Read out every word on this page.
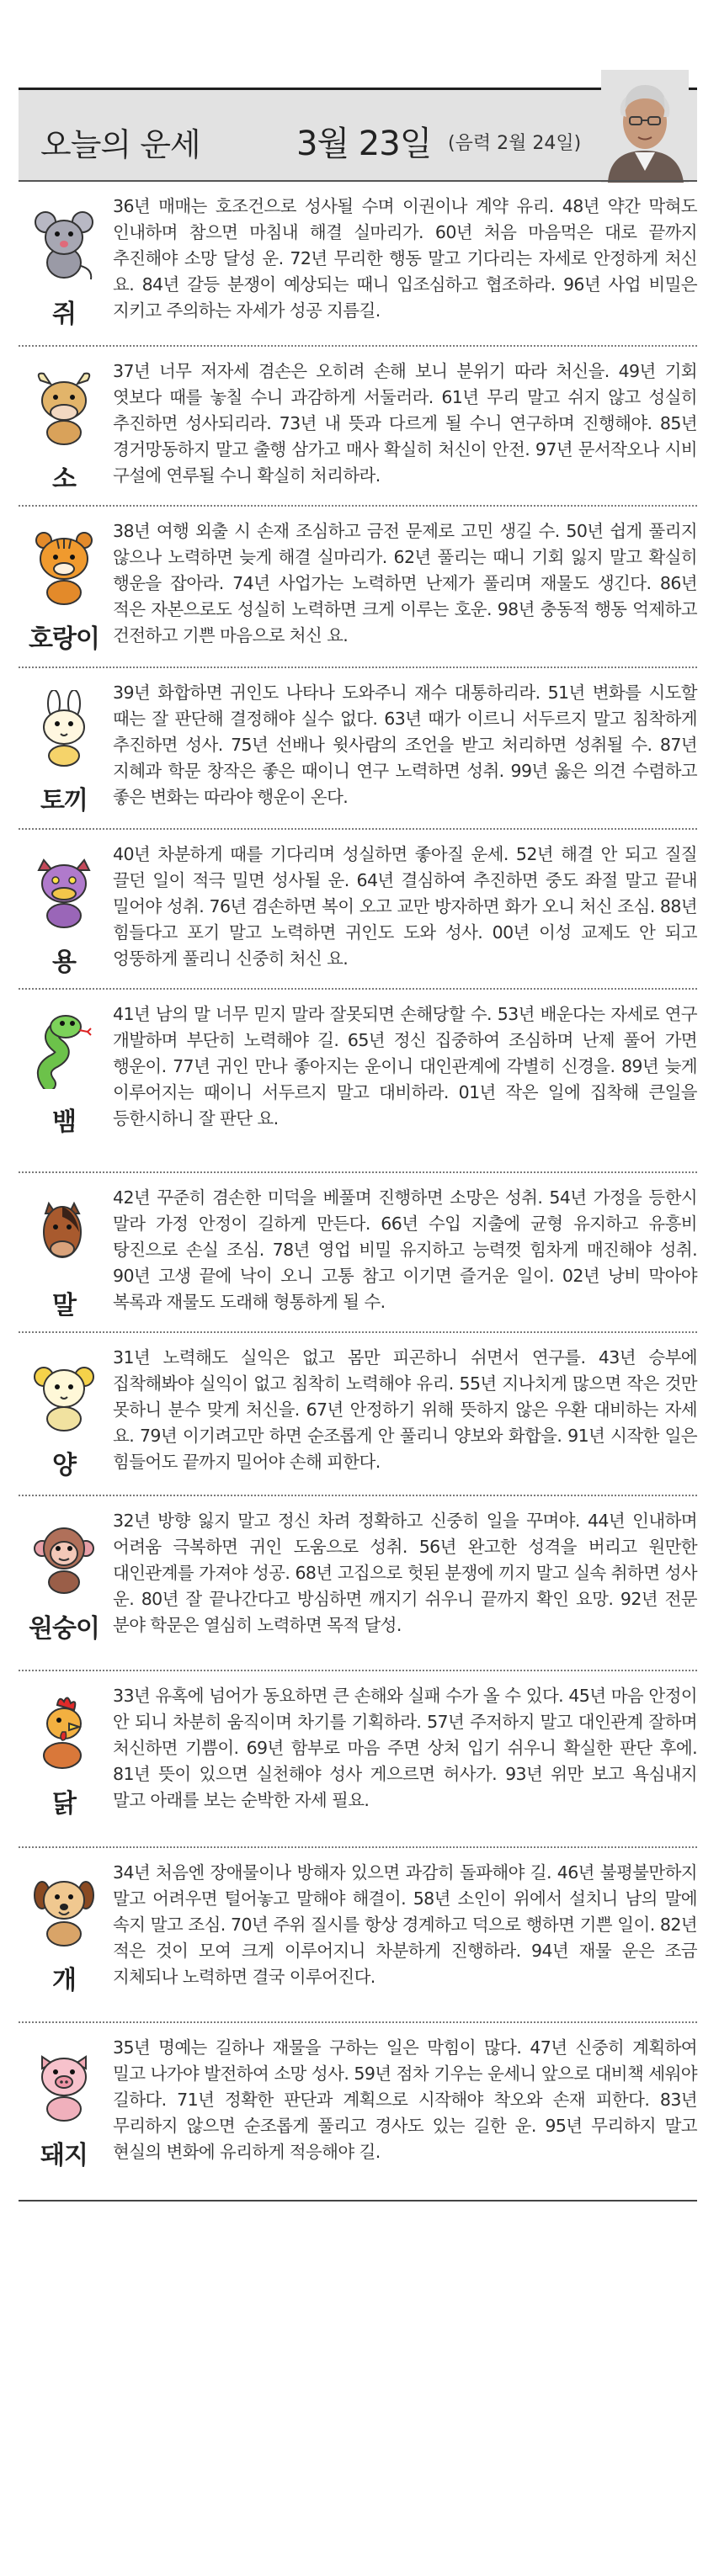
오늘의 운세	3월 23일 (음력 2월 24일)
쥐
36년 매매는 호조건으로 성사될 수며 이권이나 계약 유리. 48년 약간 막혀도 인내하며 참으면 마침내 해결 실마리가. 60년 처음 마음먹은 대로 끝까지 추진해야 소망 달성 운. 72년 무리한 행동 말고 기다리는 자세로 안정하게 처신 요. 84년 갈등 분쟁이 예상되는 때니 입조심하고 협조하라. 96년 사업 비밀은 지키고 주의하는 자세가 성공 지름길.
소
37년 너무 저자세 겸손은 오히려 손해 보니 분위기 따라 처신을. 49년 기회 엿보다 때를 놓칠 수니 과감하게 서둘러라. 61년 무리 말고 쉬지 않고 성실히 추진하면 성사되리라. 73년 내 뜻과 다르게 될 수니 연구하며 진행해야. 85년 경거망동하지 말고 출행 삼가고 매사 확실히 처신이 안전. 97년 문서작오나 시비 구설에 연루될 수니 확실히 처리하라.
호랑이
38년 여행 외출 시 손재 조심하고 금전 문제로 고민 생길 수. 50년 쉽게 풀리지 않으나 노력하면 늦게 해결 실마리가. 62년 풀리는 때니 기회 잃지 말고 확실히 행운을 잡아라. 74년 사업가는 노력하면 난제가 풀리며 재물도 생긴다. 86년 적은 자본으로도 성실히 노력하면 크게 이루는 호운. 98년 충동적 행동 억제하고 건전하고 기쁜 마음으로 처신 요.
토끼
39년 화합하면 귀인도 나타나 도와주니 재수 대통하리라. 51년 변화를 시도할 때는 잘 판단해 결정해야 실수 없다. 63년 때가 이르니 서두르지 말고 침착하게 추진하면 성사. 75년 선배나 윗사람의 조언을 받고 처리하면 성취될 수. 87년 지혜과 학문 창작은 좋은 때이니 연구 노력하면 성취. 99년 옳은 의견 수렴하고 좋은 변화는 따라야 행운이 온다.
용
40년 차분하게 때를 기다리며 성실하면 좋아질 운세. 52년 해결 안 되고 질질 끌던 일이 적극 밀면 성사될 운. 64년 결심하여 추진하면 중도 좌절 말고 끝내 밀어야 성취. 76년 겸손하면 복이 오고 교만 방자하면 화가 오니 처신 조심. 88년 힘들다고 포기 말고 노력하면 귀인도 도와 성사. 00년 이성 교제도 안 되고 엉뚱하게 풀리니 신중히 처신 요.
뱀
41년 남의 말 너무 믿지 말라 잘못되면 손해당할 수. 53년 배운다는 자세로 연구 개발하며 부단히 노력해야 길. 65년 정신 집중하여 조심하며 난제 풀어 가면 행운이. 77년 귀인 만나 좋아지는 운이니 대인관계에 각별히 신경을. 89년 늦게 이루어지는 때이니 서두르지 말고 대비하라. 01년 작은 일에 집착해 큰일을 등한시하니 잘 판단 요.
말
42년 꾸준히 겸손한 미덕을 베풀며 진행하면 소망은 성취. 54년 가정을 등한시 말라 가정 안정이 길하게 만든다. 66년 수입 지출에 균형 유지하고 유흥비 탕진으로 손실 조심. 78년 영업 비밀 유지하고 능력껏 힘차게 매진해야 성취. 90년 고생 끝에 낙이 오니 고통 참고 이기면 즐거운 일이. 02년 낭비 막아야 복록과 재물도 도래해 형통하게 될 수.
양
31년 노력해도 실익은 없고 몸만 피곤하니 쉬면서 연구를. 43년 승부에 집착해봐야 실익이 없고 침착히 노력해야 유리. 55년 지나치게 많으면 작은 것만 못하니 분수 맞게 처신을. 67년 안정하기 위해 뜻하지 않은 우환 대비하는 자세 요. 79년 이기려고만 하면 순조롭게 안 풀리니 양보와 화합을. 91년 시작한 일은 힘들어도 끝까지 밀어야 손해 피한다.
원숭이
32년 방향 잃지 말고 정신 차려 정확하고 신중히 일을 꾸며야. 44년 인내하며 어려움 극복하면 귀인 도움으로 성취. 56년 완고한 성격을 버리고 원만한 대인관계를 가져야 성공. 68년 고집으로 헛된 분쟁에 끼지 말고 실속 취하면 성사 운. 80년 잘 끝나간다고 방심하면 깨지기 쉬우니 끝까지 확인 요망. 92년 전문 분야 학문은 열심히 노력하면 목적 달성.
닭
33년 유혹에 넘어가 동요하면 큰 손해와 실패 수가 올 수 있다. 45년 마음 안정이 안 되니 차분히 움직이며 차기를 기획하라. 57년 주저하지 말고 대인관계 잘하며 처신하면 기쁨이. 69년 함부로 마음 주면 상처 입기 쉬우니 확실한 판단 후에. 81년 뜻이 있으면 실천해야 성사 게으르면 허사가. 93년 위만 보고 욕심내지 말고 아래를 보는 순박한 자세 필요.
개
34년 처음엔 장애물이나 방해자 있으면 과감히 돌파해야 길. 46년 불평불만하지 말고 어려우면 털어놓고 말해야 해결이. 58년 소인이 위에서 설치니 남의 말에 속지 말고 조심. 70년 주위 질시를 항상 경계하고 덕으로 행하면 기쁜 일이. 82년 적은 것이 모여 크게 이루어지니 차분하게 진행하라. 94년 재물 운은 조금 지체되나 노력하면 결국 이루어진다.
돼지
35년 명예는 길하나 재물을 구하는 일은 막힘이 많다. 47년 신중히 계획하여 밀고 나가야 발전하여 소망 성사. 59년 점차 기우는 운세니 앞으로 대비책 세워야 길하다. 71년 정확한 판단과 계획으로 시작해야 착오와 손재 피한다. 83년 무리하지 않으면 순조롭게 풀리고 경사도 있는 길한 운. 95년 무리하지 말고 현실의 변화에 유리하게 적응해야 길.
